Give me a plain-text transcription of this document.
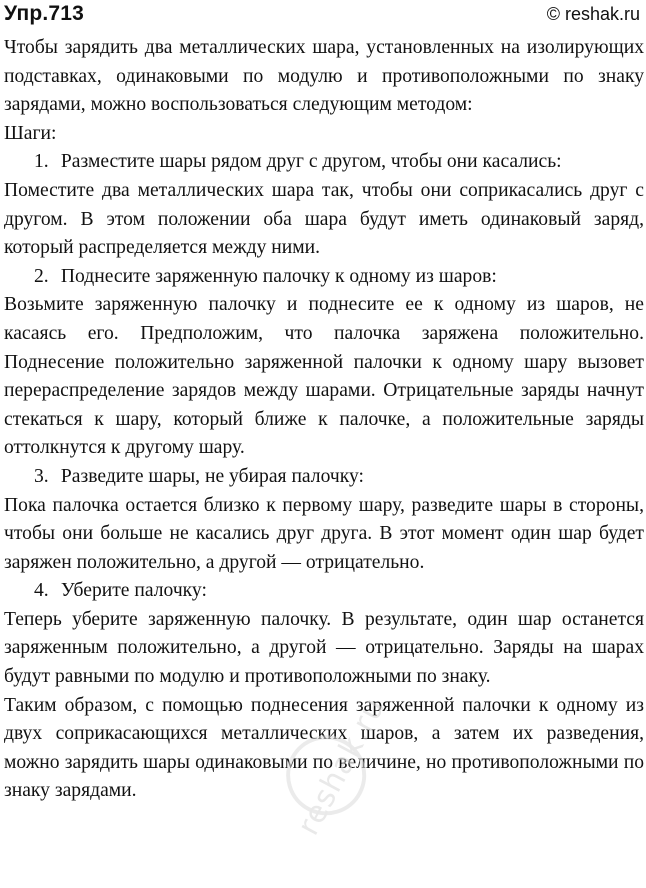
Упр.713	© reshak.ru

Чтобы зарядить два металлических шара, установленных на изолирующих подставках, одинаковыми по модулю и противоположными по знаку зарядами, можно воспользоваться следующим методом:

Шаги:

1. Разместите шары рядом друг с другом, чтобы они касались:

Поместите два металлических шара так, чтобы они соприкасались друг с другом. В этом положении оба шара будут иметь одинаковый заряд, который распределяется между ними.

2. Поднесите заряженную палочку к одному из шаров:

Возьмите заряженную палочку и поднесите ее к одному из шаров, не касаясь его. Предположим, что палочка заряжена положительно. Поднесение положительно заряженной палочки к одному шару вызовет перераспределение зарядов между шарами. Отрицательные заряды начнут стекаться к шару, который ближе к палочке, а положительные заряды оттолкнутся к другому шару.

3. Разведите шары, не убирая палочку:

Пока палочка остается близко к первому шару, разведите шары в стороны, чтобы они больше не касались друг друга. В этот момент один шар будет заряжен положительно, а другой — отрицательно.

4. Уберите палочку:

Теперь уберите заряженную палочку. В результате, один шар останется заряженным положительно, а другой — отрицательно. Заряды на шарах будут равными по модулю и противоположными по знаку.

Таким образом, с помощью поднесения заряженной палочки к одному из двух соприкасающихся металлических шаров, а затем их разведения, можно зарядить шары одинаковыми по величине, но противоположными по знаку зарядами.	reshak.ru
